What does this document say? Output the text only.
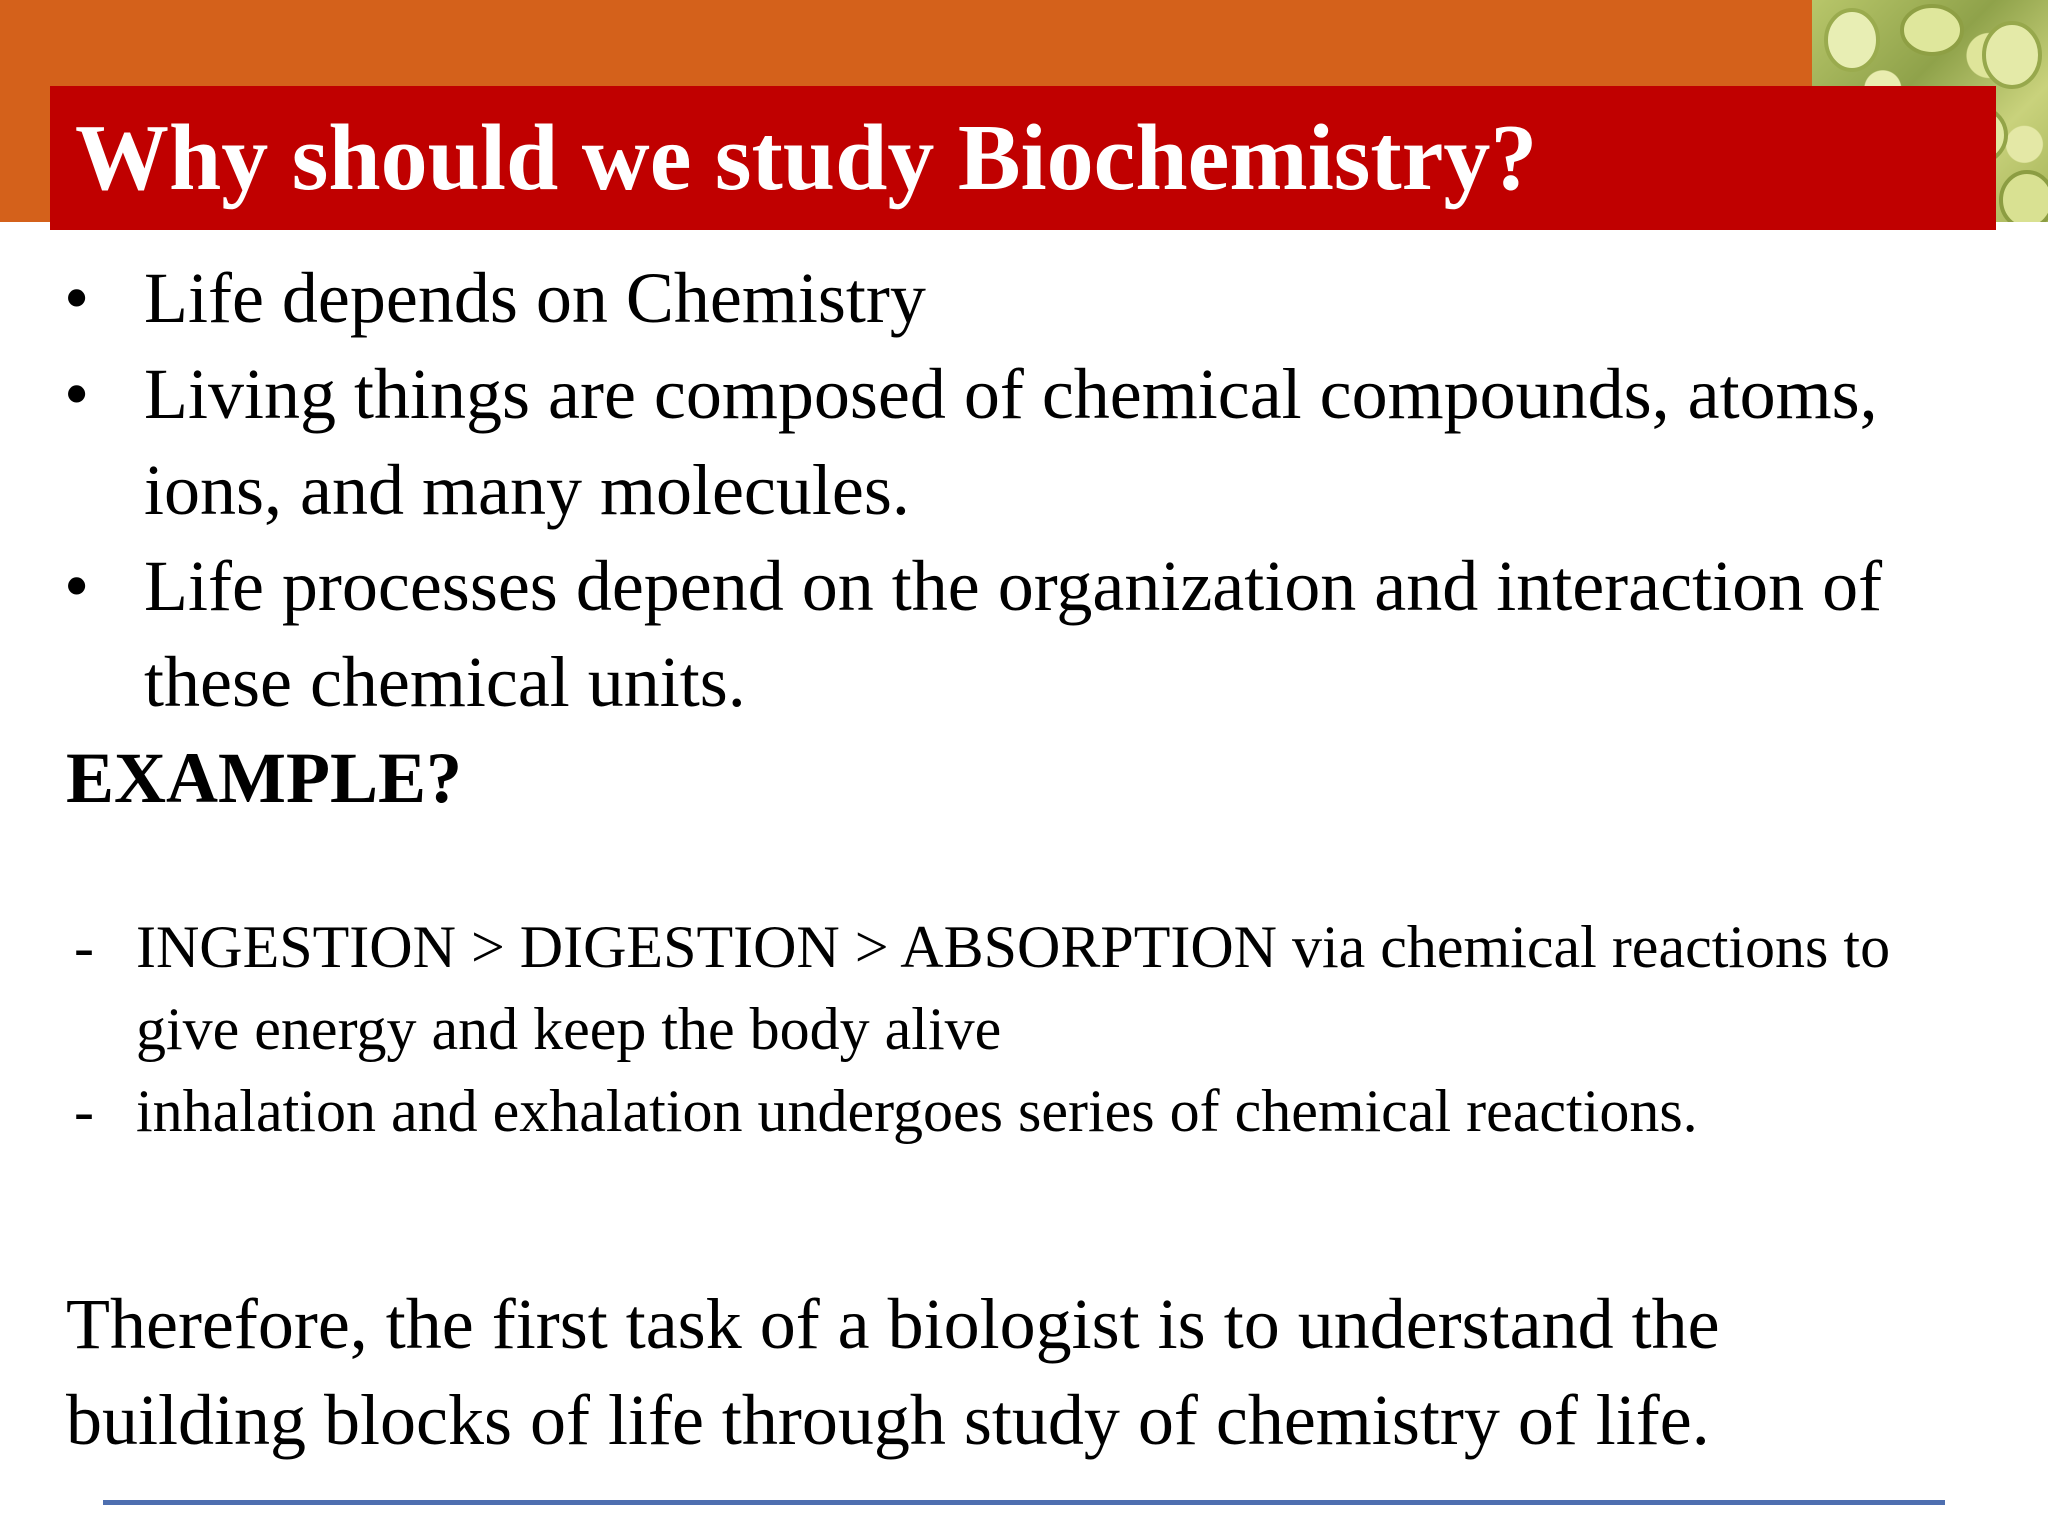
Why should we study Biochemistry?
• Life depends on Chemistry
• Living things are composed of chemical compounds, atoms, ions, and many molecules.
• Life processes depend on the organization and interaction of these chemical units.
EXAMPLE?
- INGESTION > DIGESTION > ABSORPTION via chemical reactions to give energy and keep the body alive
- inhalation and exhalation undergoes series of chemical reactions.

Therefore, the first task of a biologist is to understand the building blocks of life through study of chemistry of life.
